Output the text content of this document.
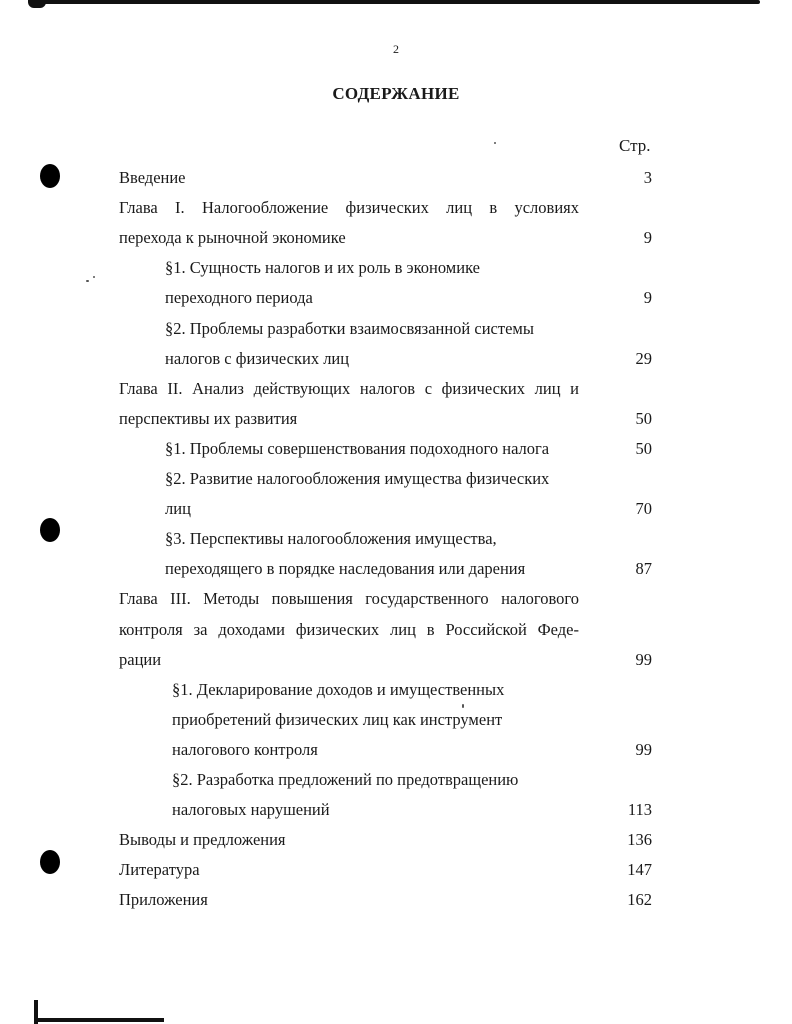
2
СОДЕРЖАНИЕ
Стр.
Введение	3
Глава I. Налогообложение физических лиц в условиях
перехода к рыночной экономике	9
§1. Сущность налогов и их роль в экономике
переходного периода	9
§2. Проблемы разработки взаимосвязанной системы
налогов с физических лиц	29
Глава II. Анализ действующих налогов с физических лиц и
перспективы их развития	50
§1. Проблемы совершенствования подоходного налога	50
§2. Развитие налогообложения имущества физических
лиц	70
§3. Перспективы налогообложения имущества,
переходящего в порядке наследования или дарения	87
Глава III. Методы повышения государственного налогового
контроля за доходами физических лиц в Российской Феде-
рации	99
§1. Декларирование доходов и имущественных
приобретений физических лиц как инструмент
налогового контроля	99
§2. Разработка предложений по предотвращению
налоговых нарушений	113
Выводы и предложения	136
Литература	147
Приложения	162
